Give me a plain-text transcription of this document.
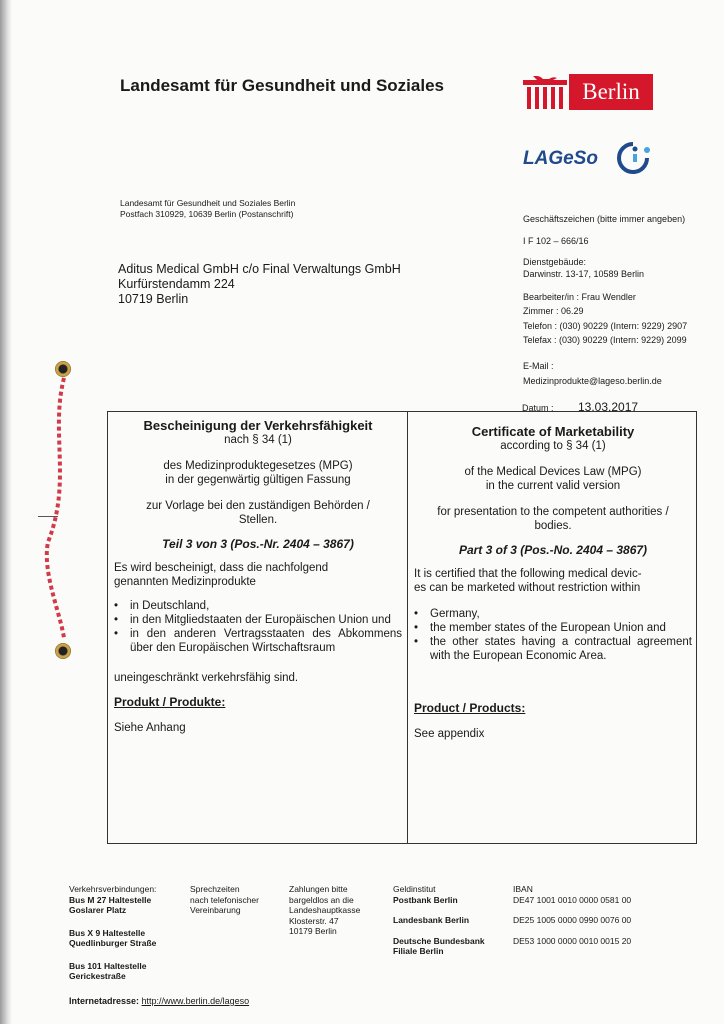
Landesamt für Gesundheit und Soziales	Berlin
LAGeSo
Landesamt für Gesundheit und Soziales Berlin
Postfach 310929, 10639 Berlin (Postanschrift)
Aditus Medical GmbH c/o Final Verwaltungs GmbH
Kurfürstendamm 224
10719 Berlin
Geschäftszeichen (bitte immer angeben)
I F 102 – 666/16
Dienstgebäude:
Darwinstr. 13-17, 10589 Berlin
Bearbeiter/in : Frau Wendler
Zimmer : 06.29
Telefon : (030) 90229 (Intern: 9229) 2907
Telefax : (030) 90229 (Intern: 9229) 2099
E-Mail :
Medizinprodukte@lageso.berlin.de
Datum : 13.03.2017
Bescheinigung der Verkehrsfähigkeit
nach § 34 (1)
des Medizinproduktegesetzes (MPG)
in der gegenwärtig gültigen Fassung
zur Vorlage bei den zuständigen Behörden /
Stellen.
Teil 3 von 3 (Pos.-Nr. 2404 – 3867)
Es wird bescheinigt, dass die nachfolgend
genannten Medizinprodukte
• in Deutschland,
• in den Mitgliedstaaten der Europäischen Union und
• in den anderen Vertragsstaaten des Abkommens über den Europäischen Wirtschaftsraum
uneingeschränkt verkehrsfähig sind.
Produkt / Produkte:
Siehe Anhang
Certificate of Marketability
according to § 34 (1)
of the Medical Devices Law (MPG)
in the current valid version
for presentation to the competent authorities /
bodies.
Part 3 of 3 (Pos.-No. 2404 – 3867)
It is certified that the following medical devic-
es can be marketed without restriction within
• Germany,
• the member states of the European Union and
• the other states having a contractual agreement with the European Economic Area.
Product / Products:
See appendix
Verkehrsverbindungen:
Bus M 27 Haltestelle
Goslarer Platz
Bus X 9 Haltestelle
Quedlinburger Straße
Bus 101 Haltestelle
Gerickestraße
Sprechzeiten
nach telefonischer
Vereinbarung
Zahlungen bitte
bargeldlos an die
Landeshauptkasse
Klosterstr. 47
10179 Berlin
Geldinstitut
Postbank Berlin
Landesbank Berlin
Deutsche Bundesbank
Filiale Berlin
IBAN
DE47 1001 0010 0000 0581 00
DE25 1005 0000 0990 0076 00
DE53 1000 0000 0010 0015 20
Internetadresse: http://www.berlin.de/lageso
